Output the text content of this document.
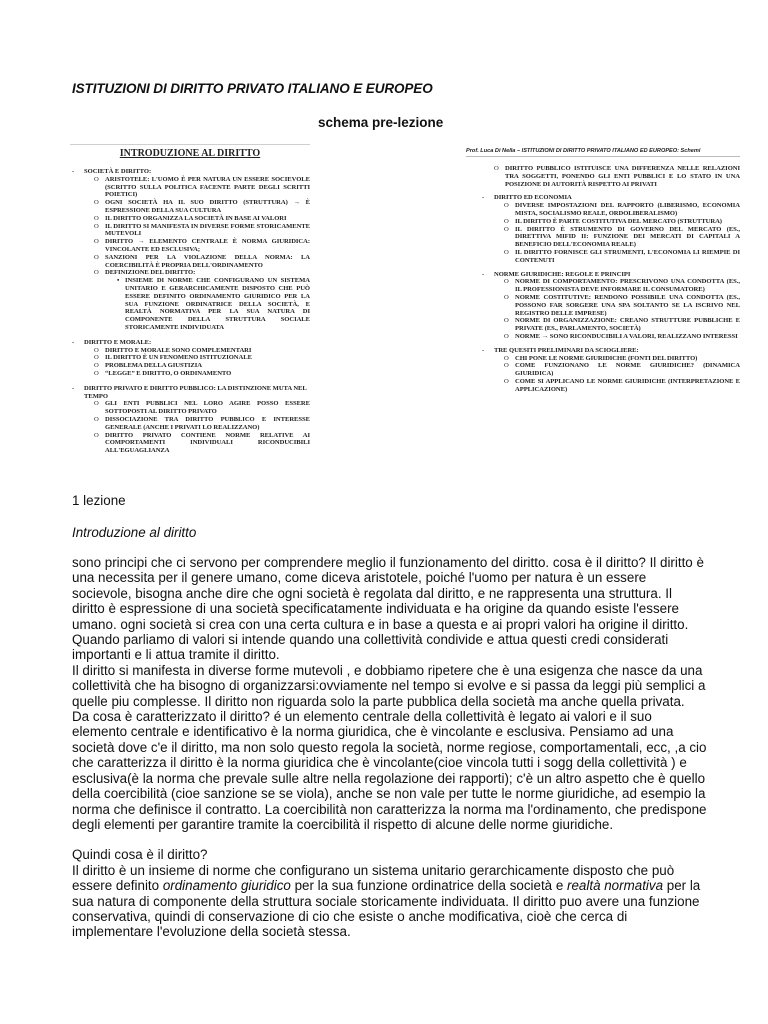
ISTITUZIONI DI DIRITTO PRIVATO ITALIANO E EUROPEO
schema pre-lezione
INTRODUZIONE AL DIRITTO
- SOCIETÀ E DIRITTO:
O ARISTOTELE: L'UOMO È PER NATURA UN ESSERE SOCIEVOLE (SCRITTO SULLA POLITICA FACENTE PARTE DEGLI SCRITTI POIETICI)
O OGNI SOCIETÀ HA IL SUO DIRITTO (STRUTTURA) → È ESPRESSIONE DELLA SUA CULTURA
O IL DIRITTO ORGANIZZA LA SOCIETÀ IN BASE AI VALORI
O IL DIRITTO SI MANIFESTA IN DIVERSE FORME STORICAMENTE MUTEVOLI
O DIRITTO → ELEMENTO CENTRALE È NORMA GIURIDICA: VINCOLANTE ED ESCLUSIVA;
O SANZIONI PER LA VIOLAZIONE DELLA NORMA: LA COERCIBILITÀ È PROPRIA DELL'ORDINAMENTO
O DEFINIZIONE DEL DIRITTO:
▪ INSIEME DI NORME CHE CONFIGURANO UN SISTEMA UNITARIO E GERARCHICAMENTE DISPOSTO CHE PUÒ ESSERE DEFINITO ORDINAMENTO GIURIDICO PER LA SUA FUNZIONE ORDINATRICE DELLA SOCIETÀ, E REALTÀ NORMATIVA PER LA SUA NATURA DI COMPONENTE DELLA STRUTTURA SOCIALE STORICAMENTE INDIVIDUATA
- DIRITTO E MORALE:
O DIRITTO E MORALE SONO COMPLEMENTARI
O IL DIRITTO È UN FENOMENO ISTITUZIONALE
O PROBLEMA DELLA GIUSTIZIA
O “LEGGE” E DIRITTO, O ORDINAMENTO
- DIRITTO PRIVATO E DIRITTO PUBBLICO: LA DISTINZIONE MUTA NEL TEMPO
O GLI ENTI PUBBLICI NEL LORO AGIRE POSSO ESSERE SOTTOPOSTI AL DIRITTO PRIVATO
O DISSOCIAZIONE TRA DIRITTO PUBBLICO E INTERESSE GENERALE (ANCHE I PRIVATI LO REALIZZANO)
O DIRITTO PRIVATO CONTIENE NORME RELATIVE AI COMPORTAMENTI INDIVIDUALI RICONDUCIBILI ALL'EGUAGLIANZA
Prof. Luca Di Nella – ISTITUZIONI DI DIRITTO PRIVATO ITALIANO ED EUROPEO: Schemi
O DIRITTO PUBBLICO ISTITUISCE UNA DIFFERENZA NELLE RELAZIONI TRA SOGGETTI, PONENDO GLI ENTI PUBBLICI E LO STATO IN UNA POSIZIONE DI AUTORITÀ RISPETTO AI PRIVATI
- DIRITTO ED ECONOMIA
O DIVERSE IMPOSTAZIONI DEL RAPPORTO (LIBERISMO, ECONOMIA MISTA, SOCIALISMO REALE, ORDOLIBERALISMO)
O IL DIRITTO È PARTE COSTITUTIVA DEL MERCATO (STRUTTURA)
O IL DIRITTO È STRUMENTO DI GOVERNO DEL MERCATO (ES., DIRETTIVA MIFID II: FUNZIONE DEI MERCATI DI CAPITALI A BENEFICIO DELL'ECONOMIA REALE)
O IL DIRITTO FORNISCE GLI STRUMENTI, L'ECONOMIA LI RIEMPIE DI CONTENUTI
- NORME GIURIDICHE: REGOLE E PRINCIPI
O NORME DI COMPORTAMENTO: PRESCRIVONO UNA CONDOTTA (ES., IL PROFESSIONISTA DEVE INFORMARE IL CONSUMATORE)
O NORME COSTITUTIVE: RENDONO POSSIBILE UNA CONDOTTA (ES., POSSONO FAR SORGERE UNA SPA SOLTANTO SE LA ISCRIVO NEL REGISTRO DELLE IMPRESE)
O NORME DI ORGANIZZAZIONE: CREANO STRUTTURE PUBBLICHE E PRIVATE (ES., PARLAMENTO, SOCIETÀ)
O NORME → SONO RICONDUCIBILI A VALORI, REALIZZANO INTERESSI
- TRE QUESITI PRELIMINARI DA SCIOGLIERE:
O CHI PONE LE NORME GIURIDICHE (FONTI DEL DIRITTO)
O COME FUNZIONANO LE NORME GIURIDICHE? (DINAMICA GIURIDICA)
O COME SI APPLICANO LE NORME GIURIDICHE (INTERPRETAZIONE E APPLICAZIONE)
1 lezione
Introduzione al diritto

sono principi che ci servono per comprendere meglio il funzionamento del diritto. cosa è il diritto? Il diritto è una necessita per il genere umano, come diceva aristotele, poiché l'uomo per natura è un essere socievole, bisogna anche dire che ogni società è regolata dal diritto, e ne rappresenta una struttura. Il diritto è espressione di una società specificatamente individuata e ha origine da quando esiste l'essere umano. ogni società si crea con una certa cultura e in base a questa e ai propri valori ha origine il diritto. Quando parliamo di valori si intende quando una collettività condivide e attua questi credi considerati importanti e li attua tramite il diritto.

Il diritto si manifesta in diverse forme mutevoli , e dobbiamo ripetere che è una esigenza che nasce da una collettività che ha bisogno di organizzarsi:ovviamente nel tempo si evolve e si passa da leggi più semplici a quelle piu complesse. Il diritto non riguarda solo la parte pubblica della società ma anche quella privata.

Da cosa è caratterizzato il diritto? é un elemento centrale della collettività è legato ai valori e il suo elemento centrale e identificativo è la norma giuridica, che è vincolante e esclusiva. Pensiamo ad una società dove c'e il diritto, ma non solo questo regola la società, norme regiose, comportamentali, ecc, ,a cio che caratterizza il diritto è la norma giuridica che è vincolante(cioe vincola tutti i sogg della collettività ) e esclusiva(è la norma che prevale sulle altre nella regolazione dei rapporti); c'è un altro aspetto che è quello della coercibilità (cioe sanzione se se viola), anche se non vale per tutte le norme giuridiche, ad esempio la norma che definisce il contratto. La coercibilità non caratterizza la norma ma l'ordinamento, che predispone degli elementi per garantire tramite la coercibilità il rispetto di alcune delle norme giuridiche.

Quindi cosa è il diritto?

Il diritto è un insieme di norme che configurano un sistema unitario gerarchicamente disposto che può essere definito ordinamento giuridico per la sua funzione ordinatrice della società e realtà normativa per la sua natura di componente della struttura sociale storicamente individuata. Il diritto puo avere una funzione conservativa, quindi di conservazione di cio che esiste o anche modificativa, cioè che cerca di implementare l'evoluzione della società stessa.
